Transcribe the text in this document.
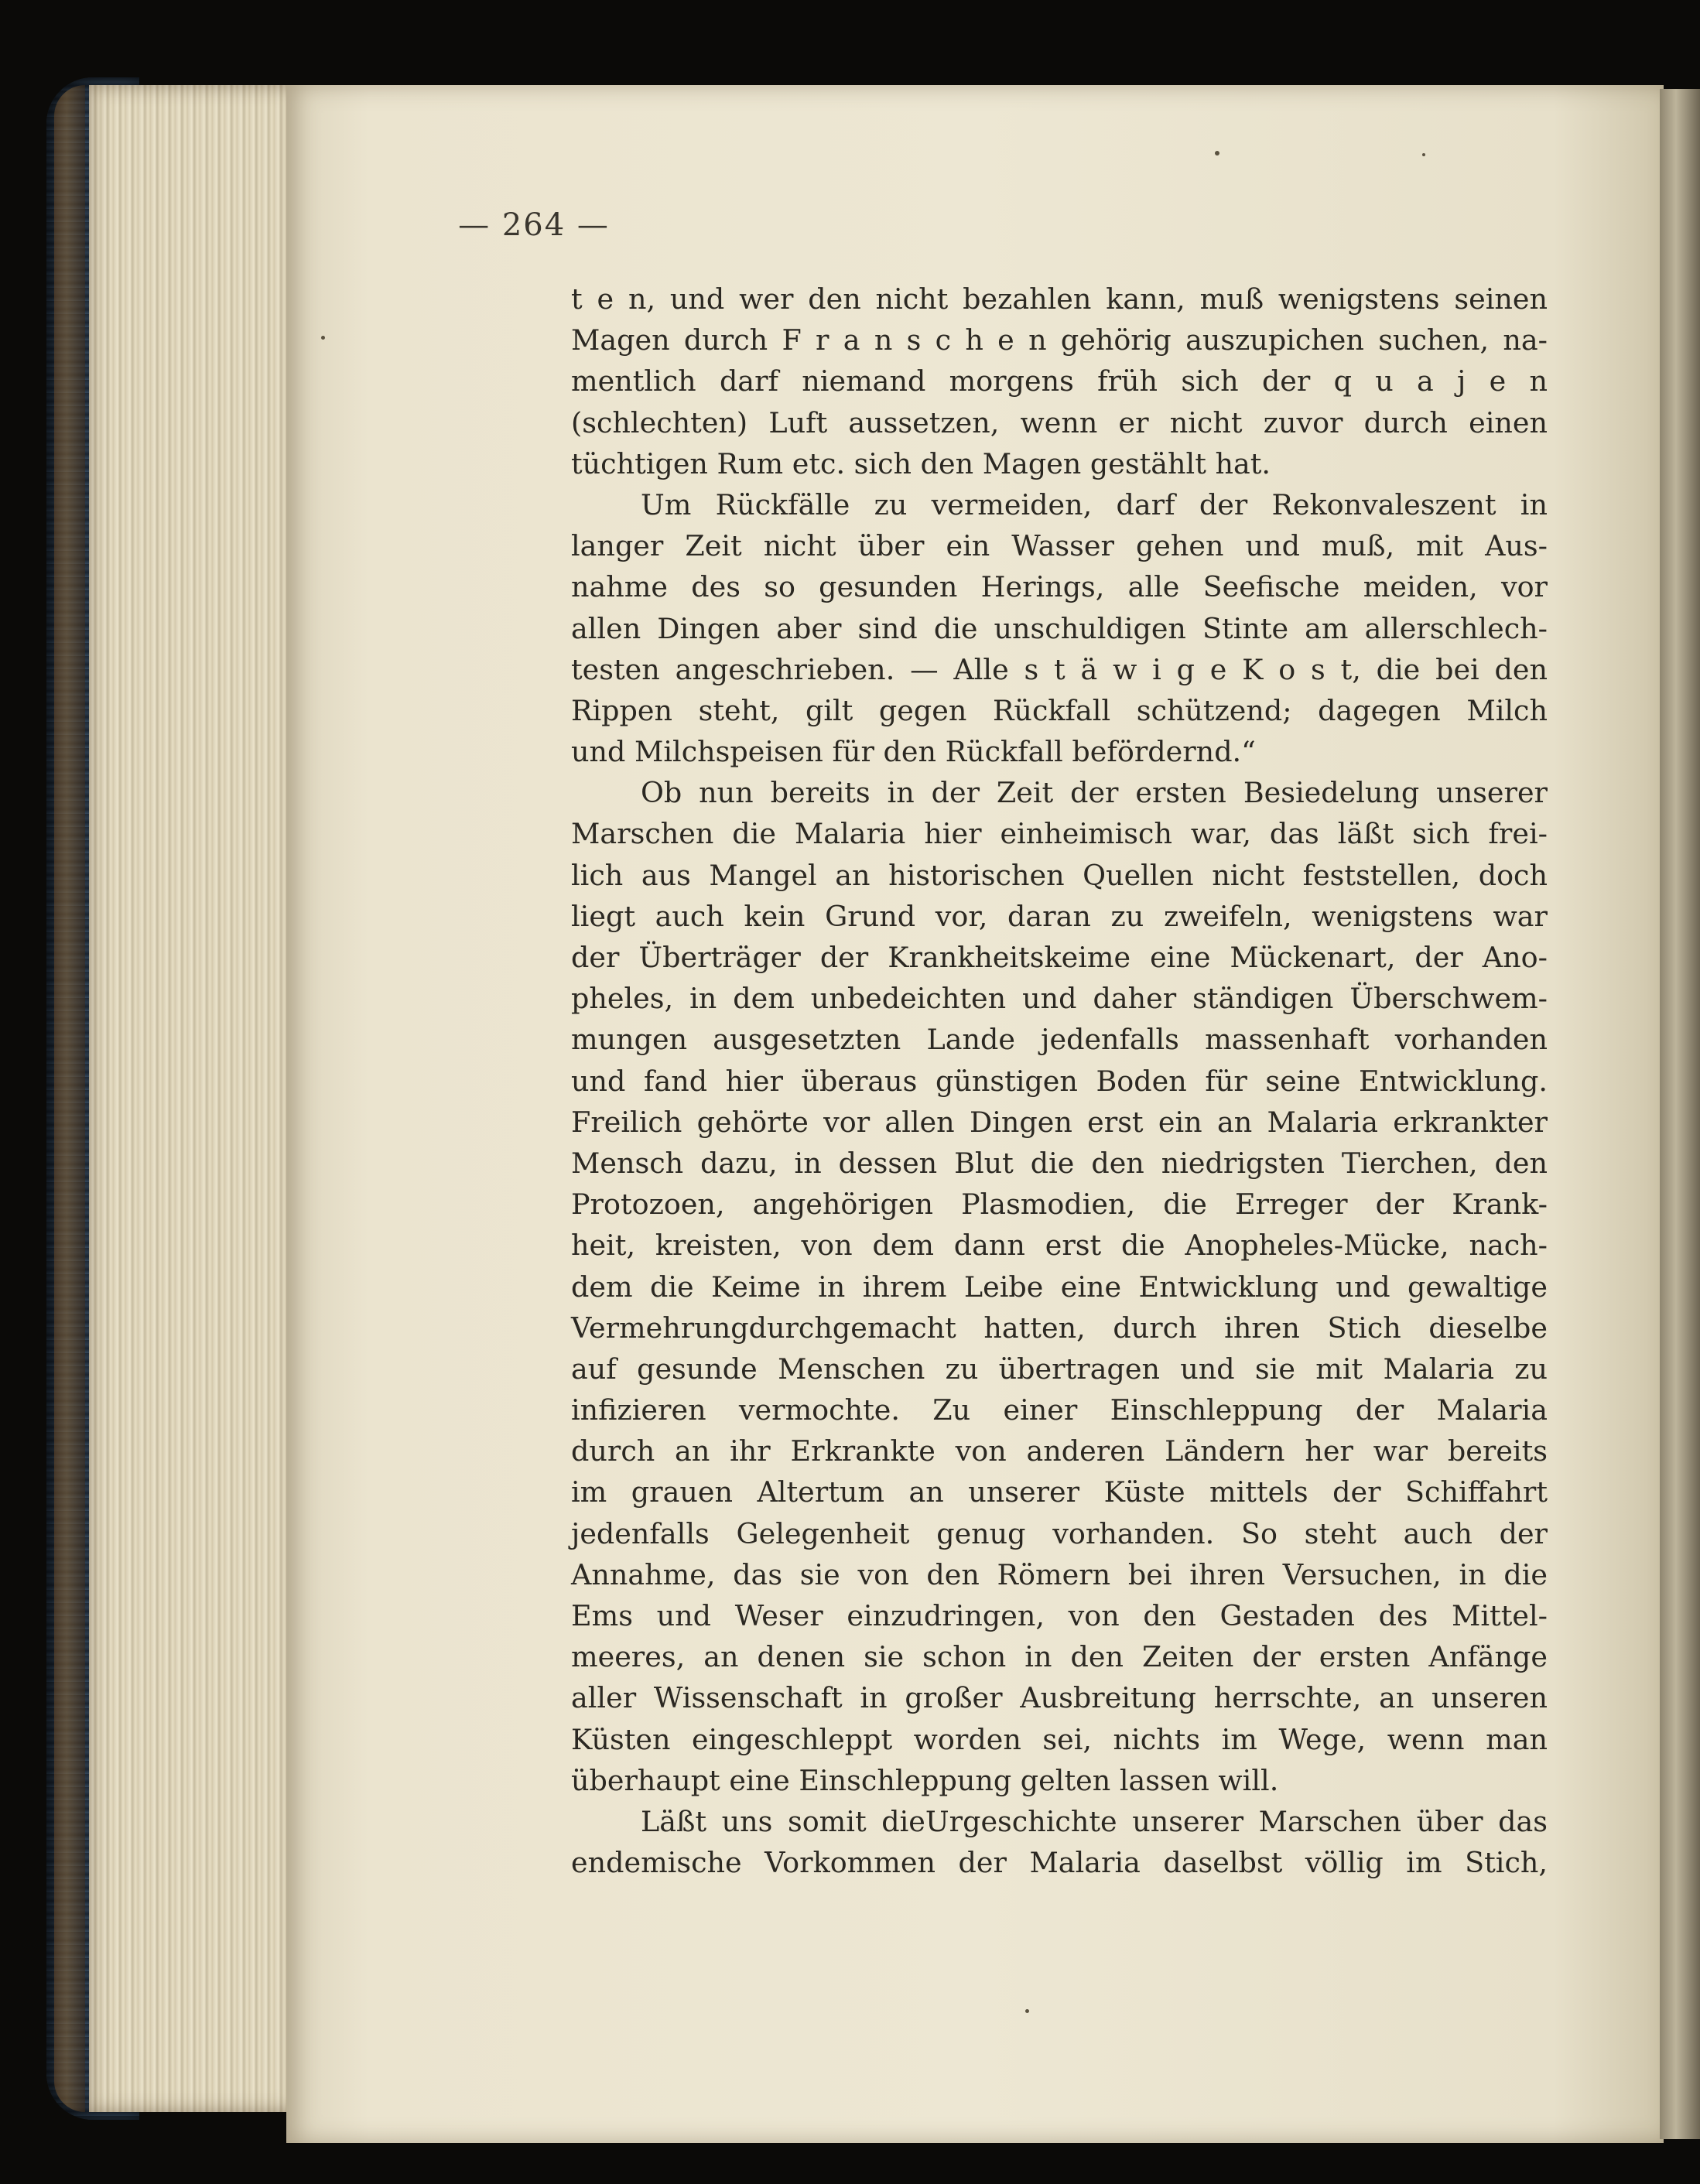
— 264 —
t e n, und wer den nicht bezahlen kann, muß wenigstens seinen
Magen durch F r a n s c h e n gehörig auszupichen suchen, na-
mentlich darf niemand morgens früh sich der q u a j e n
(schlechten) Luft aussetzen, wenn er nicht zuvor durch einen
tüchtigen Rum etc. sich den Magen gestählt hat.
Um Rückfälle zu vermeiden, darf der Rekonvaleszent in
langer Zeit nicht über ein Wasser gehen und muß, mit Aus-
nahme des so gesunden Herings, alle Seefische meiden, vor
allen Dingen aber sind die unschuldigen Stinte am allerschlech-
testen angeschrieben. — Alle s t ä w i g e K o s t, die bei den
Rippen steht, gilt gegen Rückfall schützend; dagegen Milch
und Milchspeisen für den Rückfall befördernd.“
Ob nun bereits in der Zeit der ersten Besiedelung unserer
Marschen die Malaria hier einheimisch war, das läßt sich frei-
lich aus Mangel an historischen Quellen nicht feststellen, doch
liegt auch kein Grund vor, daran zu zweifeln, wenigstens war
der Überträger der Krankheitskeime eine Mückenart, der Ano-
pheles, in dem unbedeichten und daher ständigen Überschwem-
mungen ausgesetzten Lande jedenfalls massenhaft vorhanden
und fand hier überaus günstigen Boden für seine Entwicklung.
Freilich gehörte vor allen Dingen erst ein an Malaria erkrankter
Mensch dazu, in dessen Blut die den niedrigsten Tierchen, den
Protozoen, angehörigen Plasmodien, die Erreger der Krank-
heit, kreisten, von dem dann erst die Anopheles-Mücke, nach-
dem die Keime in ihrem Leibe eine Entwicklung und gewaltige
Vermehrungdurchgemacht hatten, durch ihren Stich dieselbe
auf gesunde Menschen zu übertragen und sie mit Malaria zu
infizieren vermochte. Zu einer Einschleppung der Malaria
durch an ihr Erkrankte von anderen Ländern her war bereits
im grauen Altertum an unserer Küste mittels der Schiffahrt
jedenfalls Gelegenheit genug vorhanden. So steht auch der
Annahme, das sie von den Römern bei ihren Versuchen, in die
Ems und Weser einzudringen, von den Gestaden des Mittel-
meeres, an denen sie schon in den Zeiten der ersten Anfänge
aller Wissenschaft in großer Ausbreitung herrschte, an unseren
Küsten eingeschleppt worden sei, nichts im Wege, wenn man
überhaupt eine Einschleppung gelten lassen will.
Läßt uns somit dieUrgeschichte unserer Marschen über das
endemische Vorkommen der Malaria daselbst völlig im Stich,
